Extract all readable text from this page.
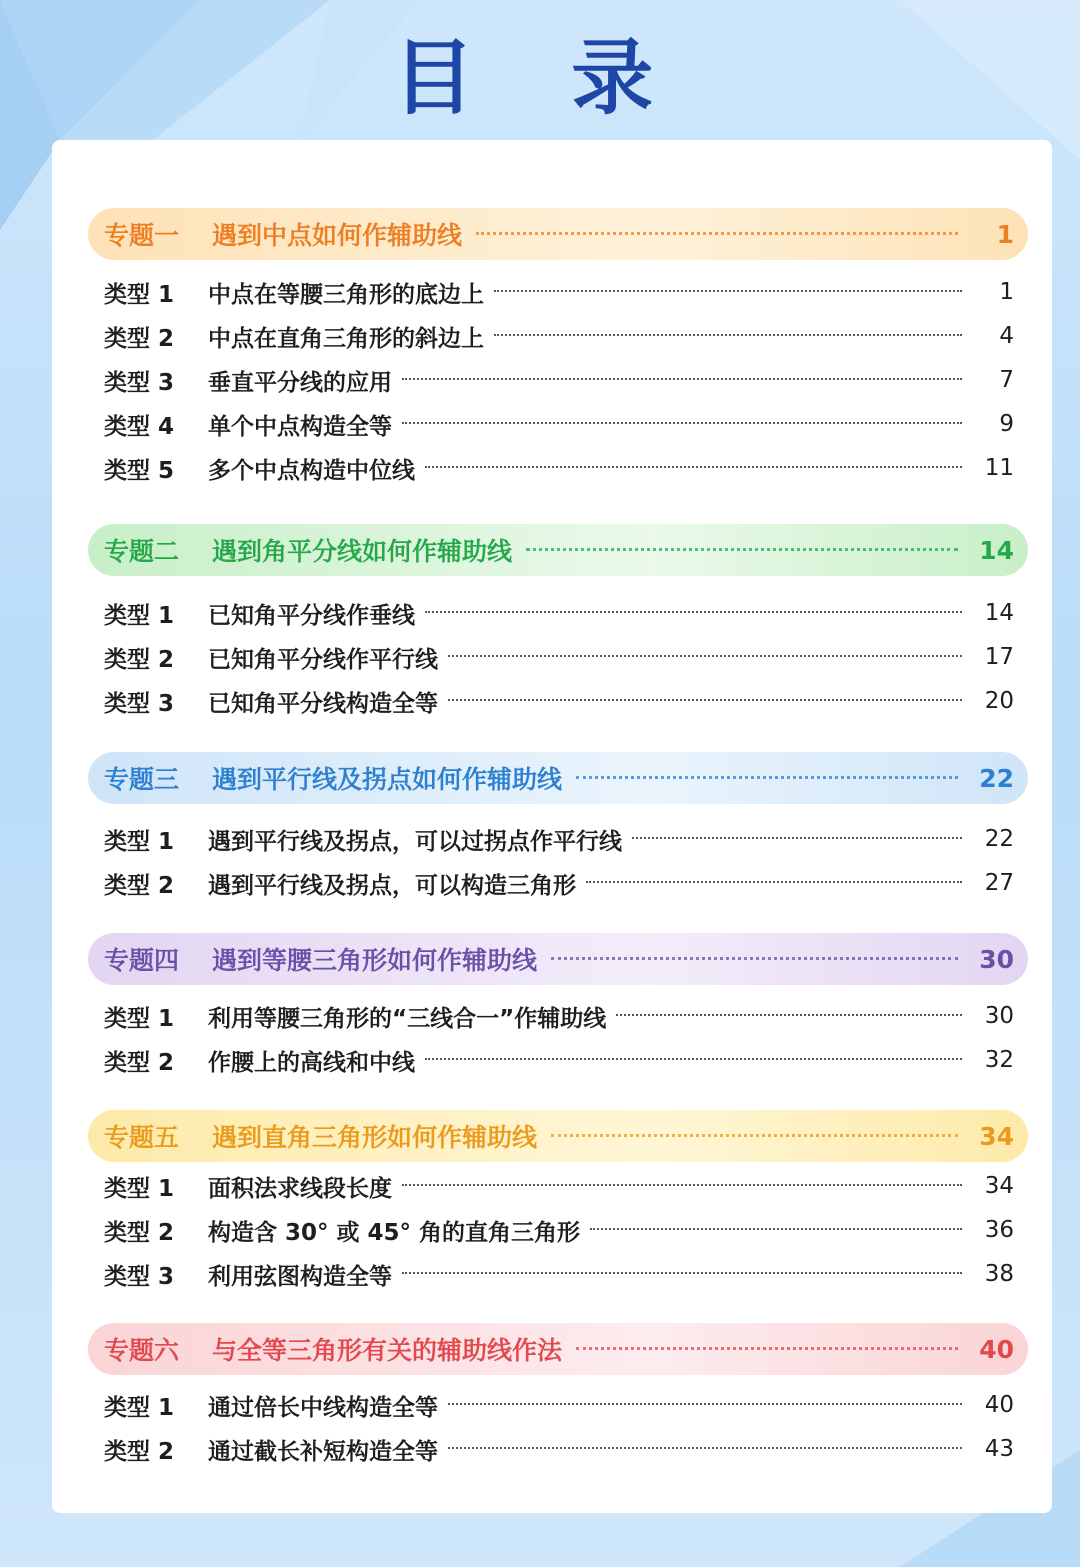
目 录
专题一	遇到中点如何作辅助线	1
类型 1	中点在等腰三角形的底边上	1
类型 2	中点在直角三角形的斜边上	4
类型 3	垂直平分线的应用	7
类型 4	单个中点构造全等	9
类型 5	多个中点构造中位线	11
专题二	遇到角平分线如何作辅助线	14
类型 1	已知角平分线作垂线	14
类型 2	已知角平分线作平行线	17
类型 3	已知角平分线构造全等	20
专题三	遇到平行线及拐点如何作辅助线	22
类型 1	遇到平行线及拐点，可以过拐点作平行线	22
类型 2	遇到平行线及拐点，可以构造三角形	27
专题四	遇到等腰三角形如何作辅助线	30
类型 1	利用等腰三角形的“三线合一”作辅助线	30
类型 2	作腰上的高线和中线	32
专题五	遇到直角三角形如何作辅助线	34
类型 1	面积法求线段长度	34
类型 2	构造含 30° 或 45° 角的直角三角形	36
类型 3	利用弦图构造全等	38
专题六	与全等三角形有关的辅助线作法	40
类型 1	通过倍长中线构造全等	40
类型 2	通过截长补短构造全等	43
